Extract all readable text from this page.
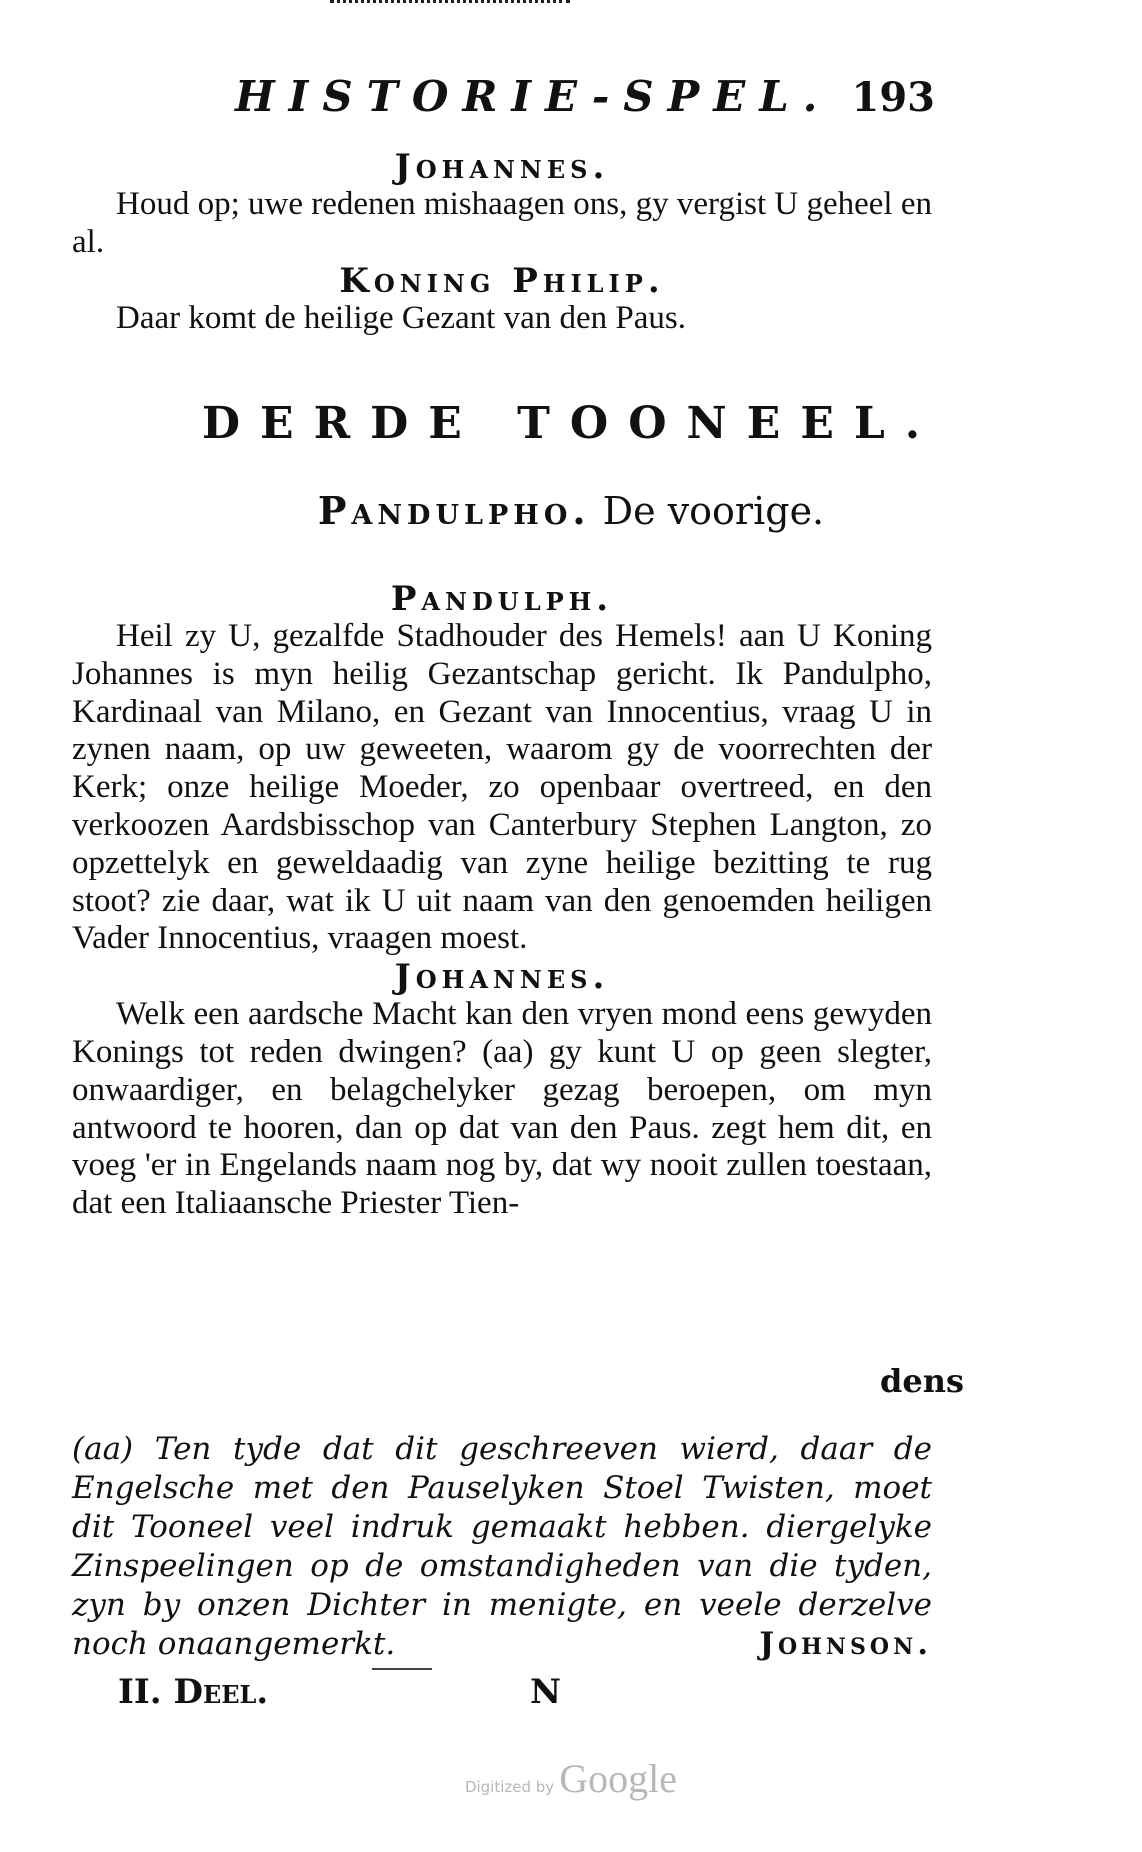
HISTORIE-SPEL. 193

Johannes.

Houd op; uwe redenen mishaagen ons, gy vergist U geheel en al.

Koning Philip.

Daar komt de heilige Gezant van den Paus.

DERDE TOONEEL.
Pandulpho. De voorige.

Pandulph.

Heil zy U, gezalfde Stadhouder des Hemels! aan U Koning Johannes is myn heilig Gezantschap gericht. Ik Pandulpho, Kardinaal van Milano, en Gezant van Innocentius, vraag U in zynen naam, op uw geweeten, waarom gy de voorrechten der Kerk; onze heilige Moeder, zo openbaar overtreed, en den verkoozen Aardsbisschop van Canterbury Stephen Langton, zo opzettelyk en geweldaadig van zyne heilige bezitting te rug stoot? zie daar, wat ik U uit naam van den genoemden heiligen Vader Innocentius, vraagen moest.

Johannes.

Welk een aardsche Macht kan den vryen mond eens gewyden Konings tot reden dwingen? (aa) gy kunt U op geen slegter, onwaardiger, en belagchelyker gezag beroepen, om myn antwoord te hooren, dan op dat van den Paus. zegt hem dit, en voeg 'er in Engelands naam nog by, dat wy nooit zullen toestaan, dat een Italiaansche Priester Tien-

dens
(aa) Ten tyde dat dit geschreeven wierd, daar de Engelsche met den Pauselyken Stoel Twisten, moet dit Tooneel veel indruk gemaakt hebben. diergelyke Zinspeelingen op de omstandigheden van die tyden, zyn by onzen Dichter in menigte, en veele derzelve noch onaangemerkt.	Johnson.
II. Deel.	N
Digitized by Google
